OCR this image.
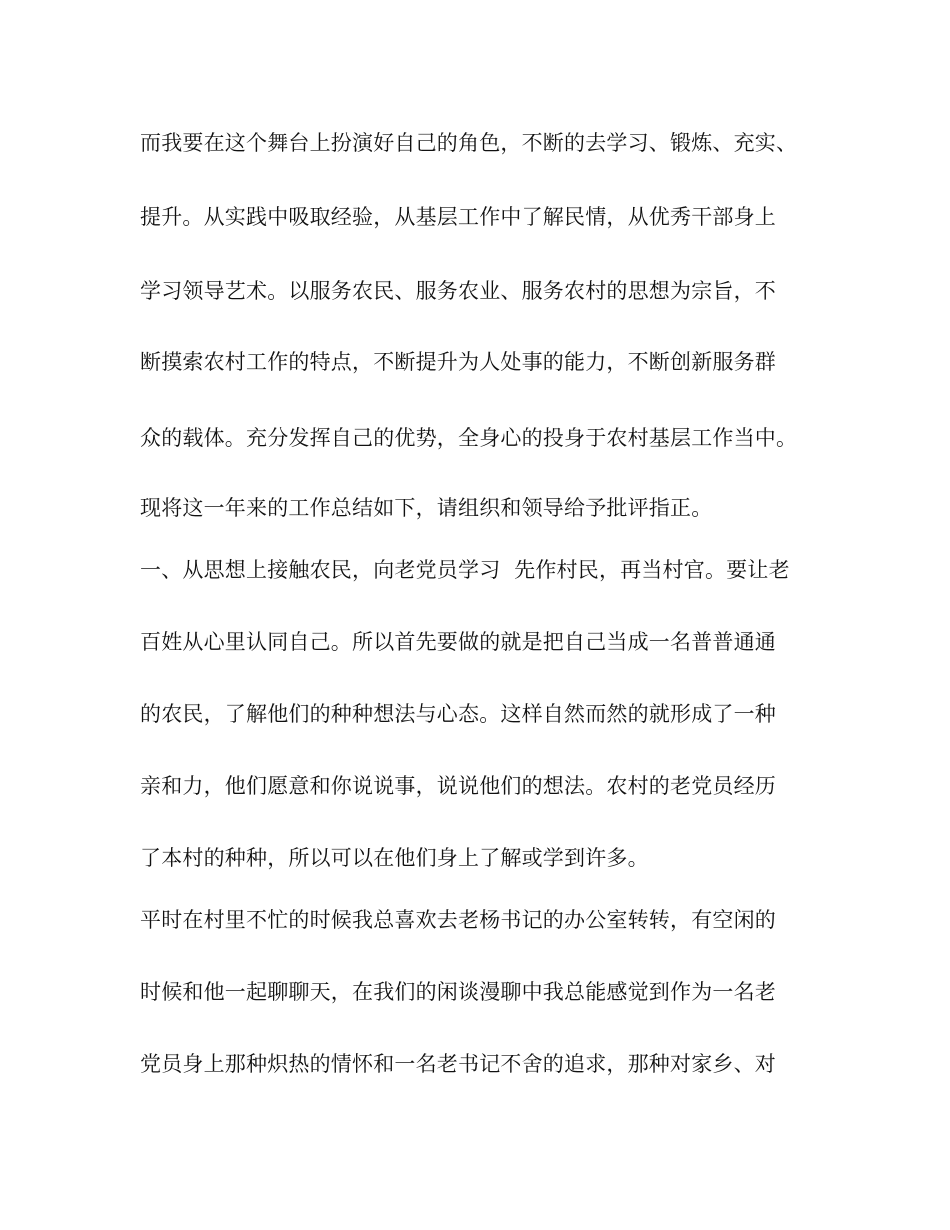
而我要在这个舞台上扮演好自己的角色，不断的去学习、锻炼、充实、
提升。从实践中吸取经验，从基层工作中了解民情，从优秀干部身上
学习领导艺术。以服务农民、服务农业、服务农村的思想为宗旨，不
断摸索农村工作的特点，不断提升为人处事的能力，不断创新服务群
众的载体。充分发挥自己的优势，全身心的投身于农村基层工作当中。
现将这一年来的工作总结如下，请组织和领导给予批评指正。
一、从思想上接触农民，向老党员学习  先作村民，再当村官。要让老
百姓从心里认同自己。所以首先要做的就是把自己当成一名普普通通
的农民，了解他们的种种想法与心态。这样自然而然的就形成了一种
亲和力，他们愿意和你说说事，说说他们的想法。农村的老党员经历
了本村的种种，所以可以在他们身上了解或学到许多。
平时在村里不忙的时候我总喜欢去老杨书记的办公室转转，有空闲的
时候和他一起聊聊天，在我们的闲谈漫聊中我总能感觉到作为一名老
党员身上那种炽热的情怀和一名老书记不舍的追求，那种对家乡、对
